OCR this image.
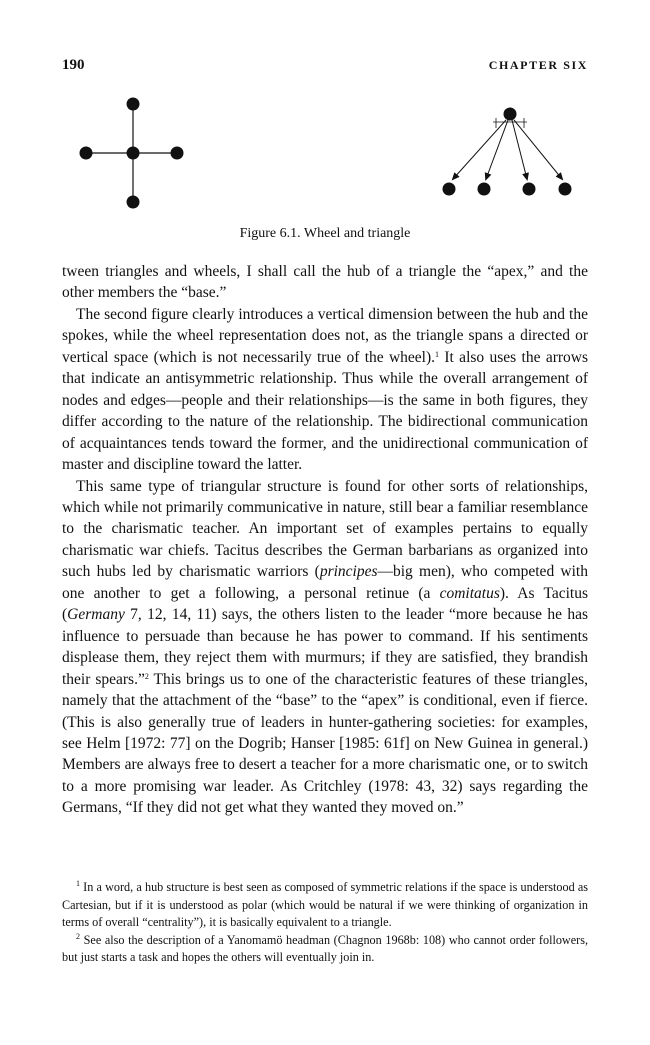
190	CHAPTER SIX
Figure 6.1. Wheel and triangle

tween triangles and wheels, I shall call the hub of a triangle the “apex,” and the other members the “base.”

The second figure clearly introduces a vertical dimension between the hub and the spokes, while the wheel representation does not, as the triangle spans a directed or vertical space (which is not necessarily true of the wheel).$^1$ It also uses the arrows that indicate an antisymmetric relationship. Thus while the overall arrangement of nodes and edges—people and their relationships—is the same in both figures, they differ according to the nature of the relationship. The bidirectional communication of acquaintances tends toward the former, and the unidirectional communication of master and discipline toward the latter.

This same type of triangular structure is found for other sorts of relationships, which while not primarily communicative in nature, still bear a familiar resemblance to the charismatic teacher. An important set of examples pertains to equally charismatic war chiefs. Tacitus describes the German barbarians as organized into such hubs led by charismatic warriors (principes—big men), who competed with one another to get a following, a personal retinue (a comitatus). As Tacitus (Germany 7, 12, 14, 11) says, the others listen to the leader “more because he has influence to persuade than because he has power to command. If his sentiments displease them, they reject them with murmurs; if they are satisfied, they brandish their spears.”$^2$ This brings us to one of the characteristic features of these triangles, namely that the attachment of the “base” to the “apex” is conditional, even if fierce. (This is also generally true of leaders in hunter-gathering societies: for examples, see Helm [1972: 77] on the Dogrib; Hanser [1985: 61f] on New Guinea in general.) Members are always free to desert a teacher for a more charismatic one, or to switch to a more promising war leader. As Critchley (1978: 43, 32) says regarding the Germans, “If they did not get what they wanted they moved on.”

$^1$ In a word, a hub structure is best seen as composed of symmetric relations if the space is understood as Cartesian, but if it is understood as polar (which would be natural if we were thinking of organization in terms of overall “centrality”), it is basically equivalent to a triangle.

$^2$ See also the description of a Yanomamö headman (Chagnon 1968b: 108) who cannot order followers, but just starts a task and hopes the others will eventually join in.
